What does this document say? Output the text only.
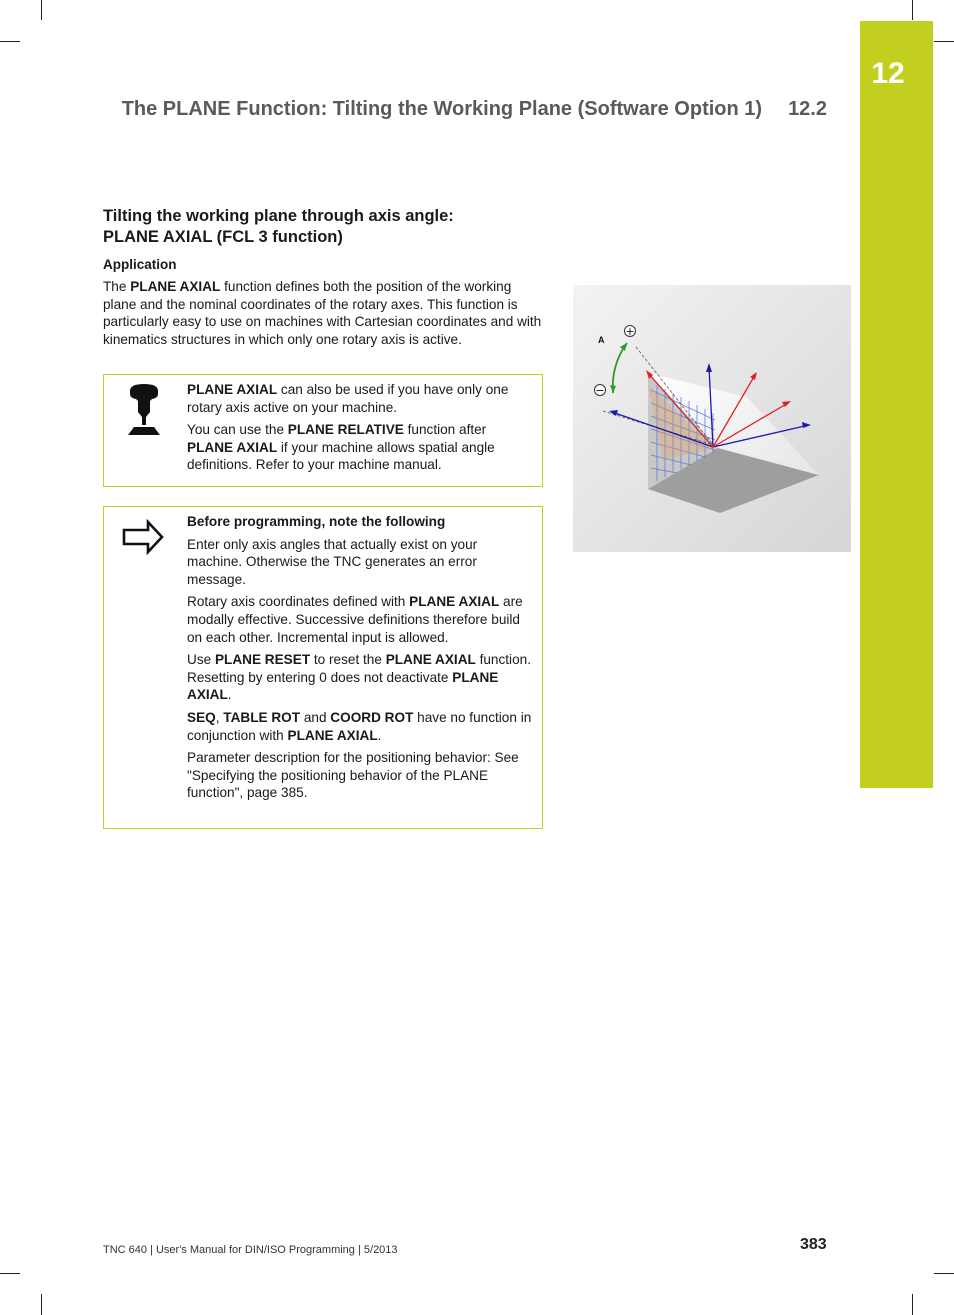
12
The PLANE Function: Tilting the Working Plane (Software Option 1) 12.2
Tilting the working plane through axis angle:
PLANE AXIAL (FCL 3 function)
Application
The PLANE AXIAL function defines both the position of the working plane and the nominal coordinates of the rotary axes. This function is particularly easy to use on machines with Cartesian coordinates and with kinematics structures in which only one rotary axis is active.

PLANE AXIAL can also be used if you have only one rotary axis active on your machine.

You can use the PLANE RELATIVE function after PLANE AXIAL if your machine allows spatial angle definitions. Refer to your machine manual.

Before programming, note the following

Enter only axis angles that actually exist on your machine. Otherwise the TNC generates an error message.

Rotary axis coordinates defined with PLANE AXIAL are modally effective. Successive definitions therefore build on each other. Incremental input is allowed.

Use PLANE RESET to reset the PLANE AXIAL function. Resetting by entering 0 does not deactivate PLANE AXIAL.

SEQ, TABLE ROT and COORD ROT have no function in conjunction with PLANE AXIAL.

Parameter description for the positioning behavior: See "Specifying the positioning behavior of the PLANE function", page 385.

+
−
A
TNC 640 | User's Manual for DIN/ISO Programming | 5/2013	383
